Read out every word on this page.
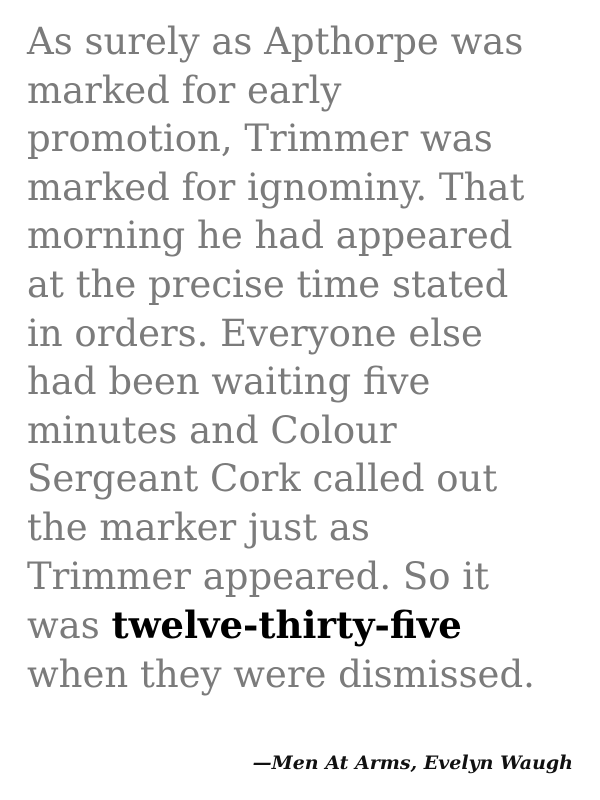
As surely as Apthorpe was
marked for early
promotion, Trimmer was
marked for ignominy. That
morning he had appeared
at the precise time stated
in orders. Everyone else
had been waiting five
minutes and Colour
Sergeant Cork called out
the marker just as
Trimmer appeared. So it
was twelve-thirty-five
when they were dismissed.

—Men At Arms, Evelyn Waugh
